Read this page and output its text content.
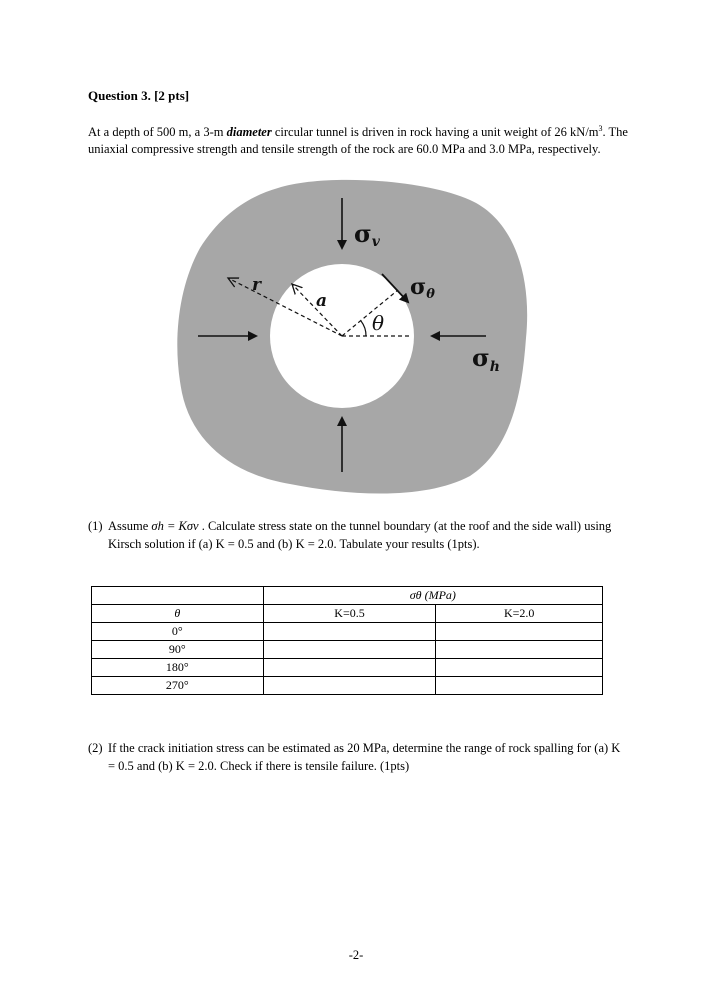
Question 3. [2 pts]
At a depth of 500 m, a 3-m diameter circular tunnel is driven in rock having a unit weight of 26 $kN/m^3$. The uniaxial compressive strength and tensile strength of the rock are 60.0 MPa and 3.0 MPa, respectively.
σv
σθ
$\sigma_h$
r
a
θ
(1) Assume σh = Kσv . Calculate stress state on the tunnel boundary (at the roof and the side wall) using Kirsch solution if (a) K = 0.5 and (b) K = 2.0. Tabulate your results (1pts).
	σθ (MPa)	
θ	K=0.5	K=2.0
0°		
90°		
180°		
270°		
(2) If the crack initiation stress can be estimated as 20 MPa, determine the range of rock spalling for (a) K = 0.5 and (b) K = 2.0. Check if there is tensile failure. (1pts)
-2-
